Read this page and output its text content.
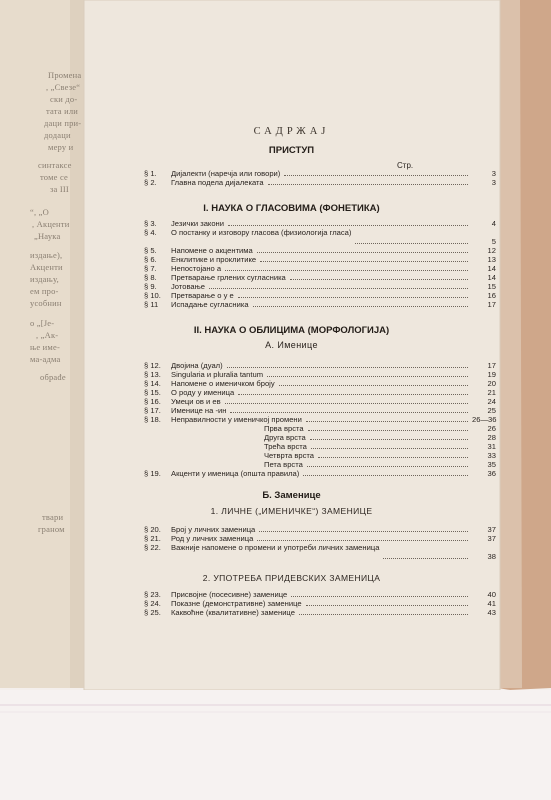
Промена
, „Свезе“
ски до-
тата или
даци при-
додаци
меру и
синтаксе
томе се
за III
“, „О
, Акценти
„Наука
издање),
Акценти
издању,
ем про-
усобнин
о „[Је-
, „Ак-
ње име-
ма-адма
обрađе
твари
граном
САДРЖАЈ
ПРИСТУП
Стр.
§ 1.	Дијалекти (наречја или говори)	3
§ 2.	Главна подела дијалеката	3
I. НАУКА О ГЛАСОВИМА (ФОНЕТИКА)
§ 3.	Језички закони	4
§ 4.	О постанку и изговору гласова (физиологија гласа)
5
§ 5.	Напомене о акцентима	12
§ 6.	Енклитике и проклитике	13
§ 7.	Непостојано а	14
§ 8.	Претварање грлених сугласника	14
§ 9.	Јотовање	15
§ 10.	Претварање о у е	16
§ 11	Испадање сугласника	17
II. НАУКА О ОБЛИЦИМА (МОРФОЛОГИЈА)
А. Именице
§ 12.	Двојина (дуал)	17
§ 13.	Singularia и pluralia tantum	19
§ 14.	Напомене о именичком броју	20
§ 15.	О роду у именица	21
§ 16.	Умеци ов и ев	24
§ 17.	Именице на -ин	25
§ 18.	Неправилности у именичкој промени	26—36
Прва врста	26
Друга врста	28
Трећа врста	31
Четврта врста	33
Пета врста	35
§ 19.	Акценти у именица (општа правила)	36
Б. Заменице
1. ЛИЧНЕ („ИМЕНИЧКЕ“) ЗАМЕНИЦЕ
§ 20.	Број у личних заменица	37
§ 21.	Род у личних заменица	37
§ 22.	Важније напомене о промени и употреби личних заменица
38
2. УПОТРЕБА ПРИДЕВСКИХ ЗАМЕНИЦА
§ 23.	Присвојне (посесивне) заменице	40
§ 24.	Показне (демонстративне) заменице	41
§ 25.	Каквоћне (квалитативне) заменице	43
